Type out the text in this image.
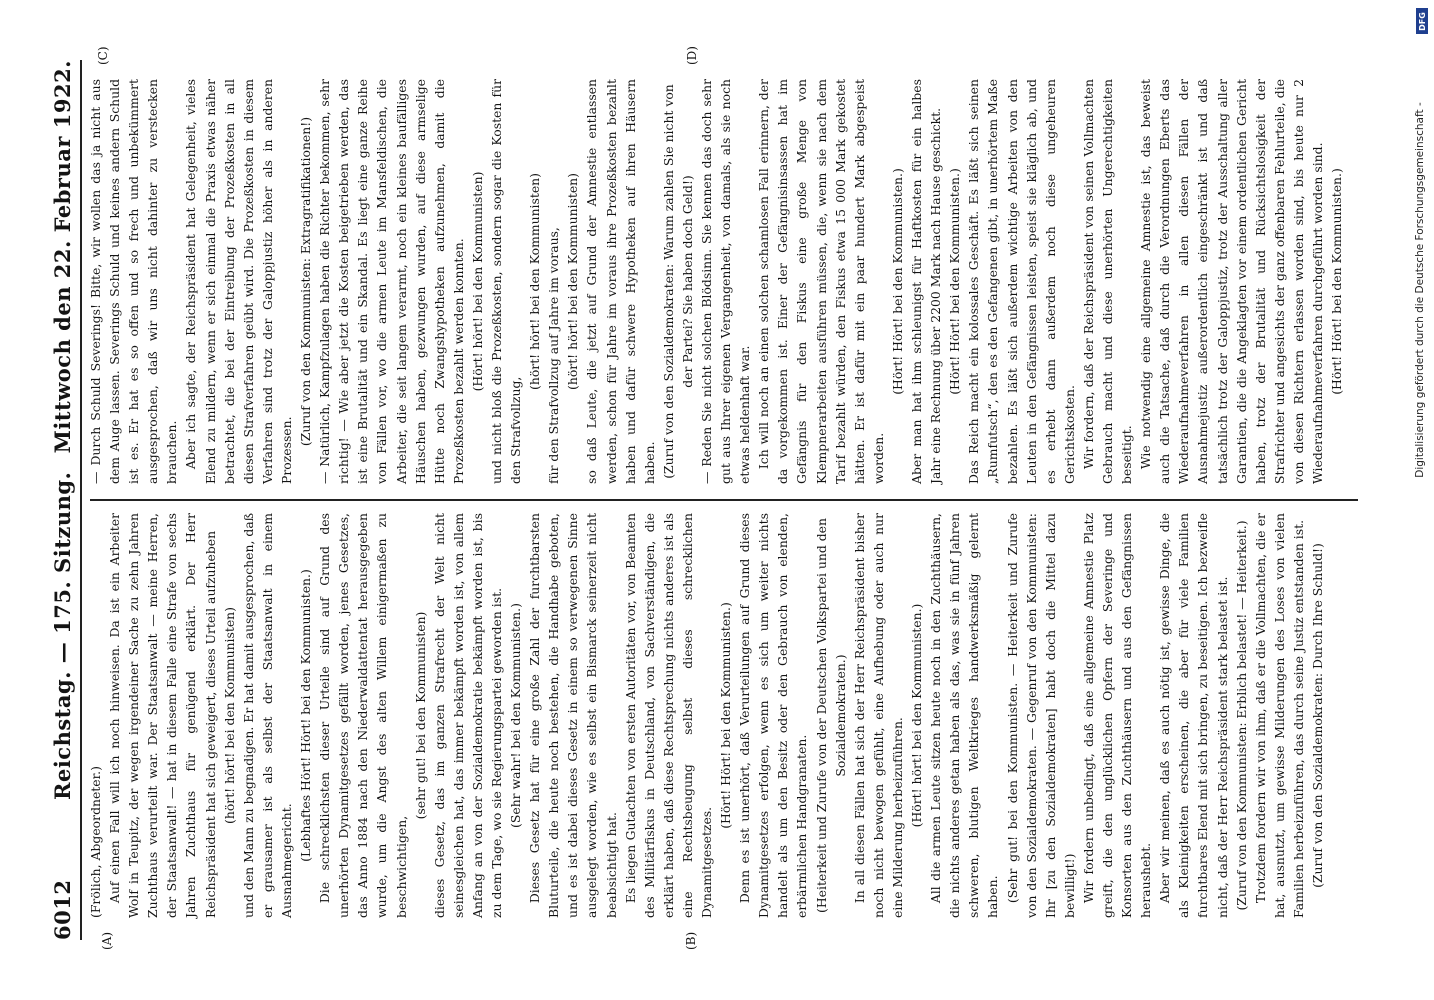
6012
Reichstag. — 175. Sitzung.
Mittwoch den 22. Februar 1922.
(A)	(B)
(C)	(D)

(Frölich, Abgeordneter.) Auf einen Fall will ich noch hinweisen. Da ist ein Arbeiter Wolf in Teupitz, der wegen irgendeiner Sache zu zehn Jahren Zuchthaus verurteilt war. Der Staatsanwalt — meine Herren, der Staatsanwalt! — hat in diesem Falle eine Strafe von sechs Jahren Zuchthaus für genügend erklärt. Der Herr Reichspräsident hat sich geweigert, dieses Urteil aufzuheben (hört! hört! bei den Kommunisten) und den Mann zu begnadigen. Er hat damit ausgesprochen, daß er grausamer ist als selbst der Staatsanwalt in einem Ausnahmegericht. (Lebhaftes Hört! Hört! bei den Kommunisten.) Die schrecklichsten dieser Urteile sind auf Grund des unerhörten Dynamitgesetzes gefällt worden, jenes Gesetzes, das Anno 1884 nach den Niederwaldattentat herausgegeben wurde, um die Angst des alten Willem einigermaßen zu beschwichtigen,

(sehr gut! bei den Kommunisten) dieses Gesetz, das im ganzen Strafrecht der Welt nicht seinesgleichen hat, das immer bekämpft worden ist, von allem Anfang an von der Sozialdemokratie bekämpft worden ist, bis zu dem Tage, wo sie Regierungspartei geworden ist. (Sehr wahr! bei den Kommunisten.) Dieses Gesetz hat für eine große Zahl der furchtbarsten Bluturteile, die heute noch bestehen, die Handhabe geboten, und es ist dabei dieses Gesetz in einem so verwegenen Sinne ausgelegt worden, wie es selbst ein Bismarck seinerzeit nicht beabsichtigt hat. Es liegen Gutachten von ersten Autoritäten vor, von Beamten des Militärfiskus in Deutschland, von Sachverständigen, die erklärt haben, daß diese Rechtsprechung nichts anderes ist als eine Rechtsbeugung selbst dieses schrecklichen Dynamitgesetzes.

(Hört! Hört! bei den Kommunisten.) Denn es ist unerhört, daß Verurteilungen auf Grund dieses Dynamitgesetzes erfolgen, wenn es sich um weiter nichts handelt als um den Besitz oder den Gebrauch von elenden, erbärmlichen Handgranaten. (Heiterkeit und Zurufe von der Deutschen Volkspartei und den Sozialdemokraten.) In all diesen Fällen hat sich der Herr Reichspräsident bisher noch nicht bewogen gefühlt, eine Aufhebung oder auch nur eine Milderung herbeizuführen. (Hört! hört! bei den Kommunisten.) All die armen Leute sitzen heute noch in den Zuchthäusern, die nichts anderes getan haben als das, was sie in fünf Jahren schweren, blutigen Weltkrieges handwerksmäßig gelernt haben. (Sehr gut! bei den Kommunisten. — Heiterkeit und Zurufe von den Sozialdemokraten. — Gegenruf von den Kommunisten: Ihr [zu den Sozialdemokraten] habt doch die Mittel dazu bewilligt!) Wir fordern unbedingt, daß eine allgemeine Amnestie Platz greift, die den unglücklichen Opfern der Severinge und Konsorten aus den Zuchthäusern und aus den Gefängnissen heraushebt. Aber wir meinen, daß es auch nötig ist, gewisse Dinge, die als Kleinigkeiten erscheinen, die aber für viele Familien furchtbares Elend mit sich bringen, zu beseitigen. Ich bezweifle nicht, daß der Herr Reichspräsident stark belastet ist. (Zuruf von den Kommunisten: Erblich belastet! — Heiterkeit.) Trotzdem fordern wir von ihm, daß er die Vollmachten, die er hat, ausnutzt, um gewisse Milderungen des Loses von vielen Familien herbeizuführen, das durch seine Justiz entstanden ist. (Zuruf von den Sozialdemokraten: Durch Ihre Schuld!)

— Durch Schuld Severings! Bitte, wir wollen das ja nicht aus dem Auge lassen. Severings Schuld und keines andern Schuld ist es. Er hat es so offen und so frech und unbekümmert ausgesprochen, daß wir uns nicht dahinter zu verstecken brauchen. Aber ich sagte, der Reichspräsident hat Gelegenheit, vieles Elend zu mildern, wenn er sich einmal die Praxis etwas näher betrachtet, die bei der Eintreibung der Prozeßkosten in all diesen Strafverfahren geübt wird. Die Prozeßkosten in diesem Verfahren sind trotz der Galoppjustiz höher als in anderen Prozessen.

(Zuruf von den Kommunisten: Extragratifikationen!) — Natürlich, Kampfzulagen haben die Richter bekommen, sehr richtig! — Wie aber jetzt die Kosten beigetrieben werden, das ist eine Brutalität und ein Skandal. Es liegt eine ganze Reihe von Fällen vor, wo die armen Leute im Mansfeldischen, die Arbeiter, die seit langem verarmt, noch ein kleines baufälliges Häuschen haben, gezwungen wurden, auf diese armselige Hütte noch Zwangshypotheken aufzunehmen, damit die Prozeßkosten bezahlt werden konnten. (Hört! hört! bei den Kommunisten) und nicht bloß die Prozeßkosten, sondern sogar die Kosten für den Strafvollzug,

(hört! hört! bei den Kommunisten) für den Strafvollzug auf Jahre im voraus, (hört! hört! bei den Kommunisten) so daß Leute, die jetzt auf Grund der Amnestie entlassen werden, schon für Jahre im voraus ihre Prozeßkosten bezahlt haben und dafür schwere Hypotheken auf ihren Häusern haben. (Zuruf von den Sozialdemokraten: Warum zahlen Sie nicht von der Partei? Sie haben doch Geld!) — Reden Sie nicht solchen Blödsinn. Sie kennen das doch sehr gut aus Ihrer eigenen Vergangenheit, von damals, als sie noch etwas heldenhaft war. Ich will noch an einen solchen schamlosen Fall erinnern, der da vorgekommen ist. Einer der Gefängnisinsassen hat im Gefängnis für den Fiskus eine große Menge von Klempnerarbeiten ausführen müssen, die, wenn sie nach dem Tarif bezahlt würden, den Fiskus etwa 15 000 Mark gekostet hätten. Er ist dafür mit ein paar hundert Mark abgespeist worden.

(Hört! Hört! bei den Kommunisten.) Aber man hat ihm schleunigst für Haftkosten für ein halbes Jahr eine Rechnung über 2200 Mark nach Hause geschickt. (Hört! Hört! bei den Kommunisten.) Das Reich macht ein kolossales Geschäft. Es läßt sich seinen „Rumfutsch“, den es den Gefangenen gibt, in unerhörtem Maße bezahlen. Es läßt sich außerdem wichtige Arbeiten von den Leuten in den Gefängnissen leisten, speist sie kläglich ab, und es erhebt dann außerdem noch diese ungeheuren Gerichtskosten. Wir fordern, daß der Reichspräsident von seinen Vollmachten Gebrauch macht und diese unerhörten Ungerechtigkeiten beseitigt. Wie notwendig eine allgemeine Amnestie ist, das beweist auch die Tatsache, daß durch die Verordnungen Eberts das Wiederaufnahmeverfahren in allen diesen Fällen der Ausnahmejustiz außerordentlich eingeschränkt ist und daß tatsächlich trotz der Galoppjustiz, trotz der Ausschaltung aller Garantien, die die Angeklagten vor einem ordentlichen Gericht haben, trotz der Brutalität und Rücksichtslosigkeit der Strafrichter und angesichts der ganz offenbaren Fehlurteile, die von diesen Richtern erlassen worden sind, bis heute nur 2 Wiederaufnahmeverfahren durchgeführt worden sind. (Hört! Hört! bei den Kommunisten.)	Digitalisierung gefördert durch die Deutsche Forschungsgemeinschaft -
DFG
